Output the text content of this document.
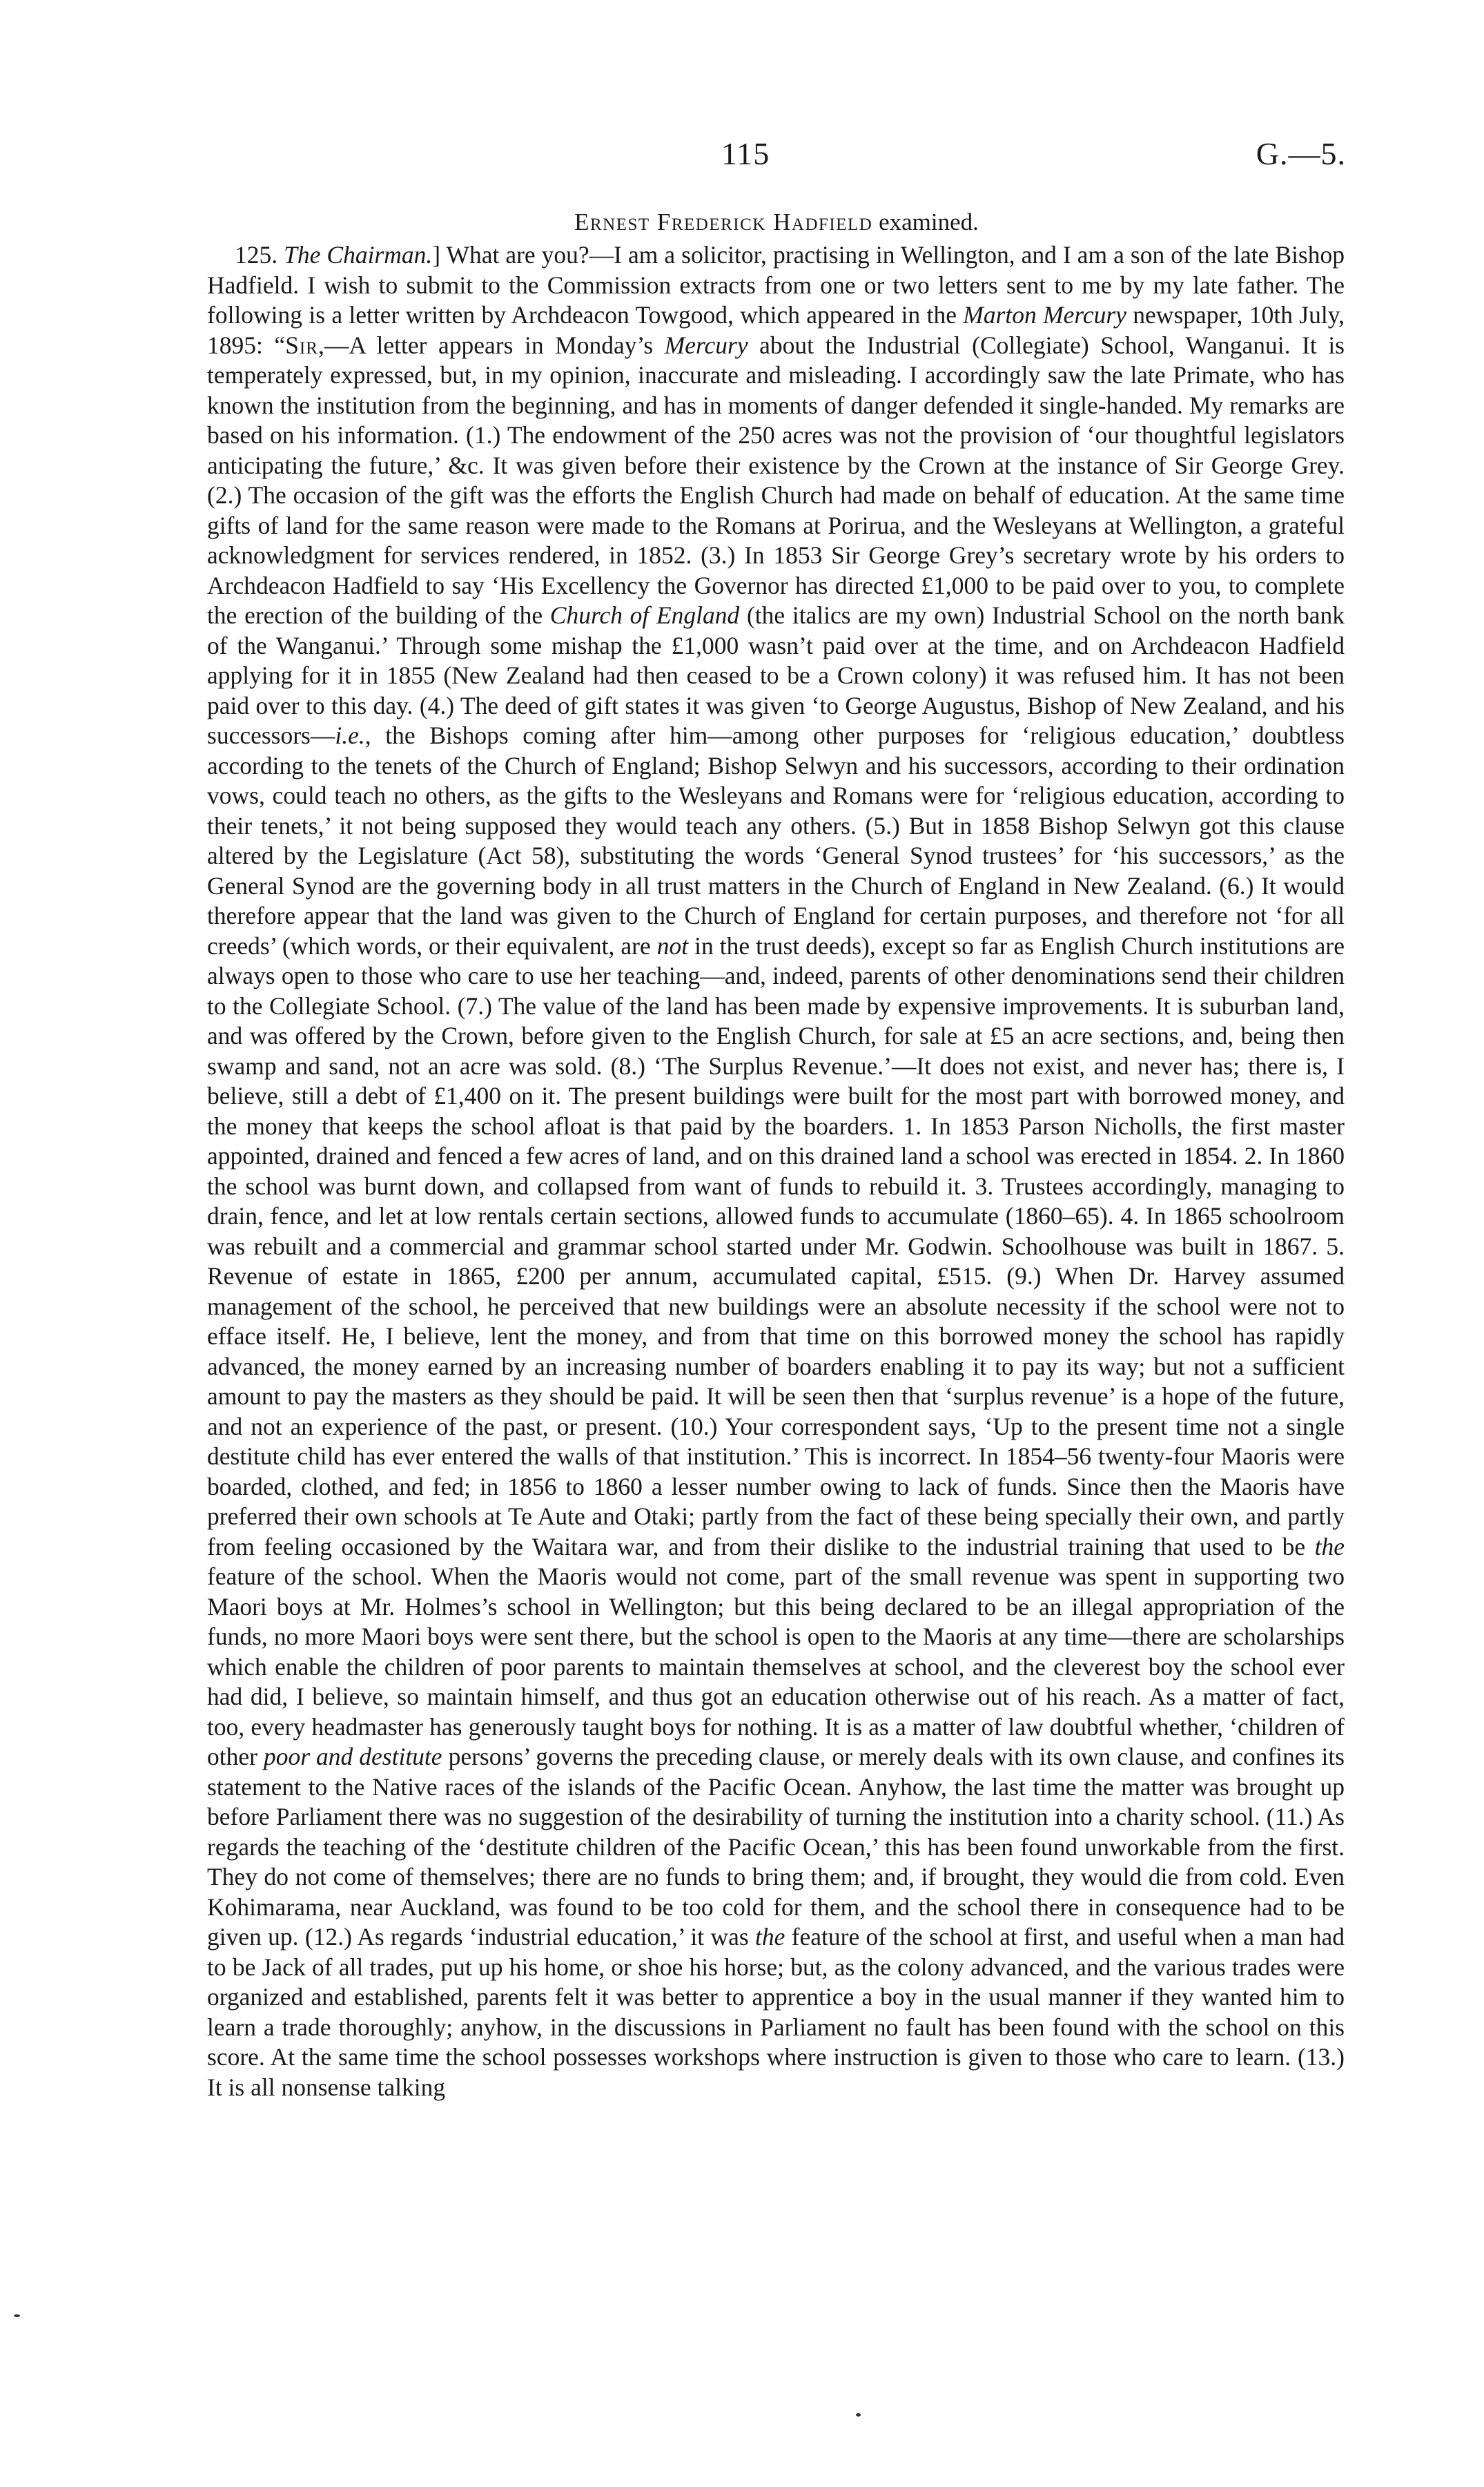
115	G.—5.
Ernest Frederick Hadfield examined.

125. The Chairman.] What are you?—I am a solicitor, practising in Wellington, and I am a son of the late Bishop Hadfield. I wish to submit to the Commission extracts from one or two letters sent to me by my late father. The following is a letter written by Archdeacon Towgood, which appeared in the Marton Mercury newspaper, 10th July, 1895: “Sir,—A letter appears in Monday’s Mercury about the Industrial (Collegiate) School, Wanganui. It is temperately expressed, but, in my opinion, inaccurate and misleading. I accordingly saw the late Primate, who has known the institution from the beginning, and has in moments of danger defended it single-handed. My remarks are based on his information. (1.) The endowment of the 250 acres was not the provision of ‘our thoughtful legislators anticipating the future,’ &c. It was given before their existence by the Crown at the instance of Sir George Grey. (2.) The occasion of the gift was the efforts the English Church had made on behalf of education. At the same time gifts of land for the same reason were made to the Romans at Porirua, and the Wesleyans at Wellington, a grateful acknowledgment for services rendered, in 1852. (3.) In 1853 Sir George Grey’s secretary wrote by his orders to Archdeacon Hadfield to say ‘His Excellency the Governor has directed £1,000 to be paid over to you, to complete the erection of the building of the Church of England (the italics are my own) Industrial School on the north bank of the Wanganui.’ Through some mishap the £1,000 wasn’t paid over at the time, and on Archdeacon Hadfield applying for it in 1855 (New Zealand had then ceased to be a Crown colony) it was refused him. It has not been paid over to this day. (4.) The deed of gift states it was given ‘to George Augustus, Bishop of New Zealand, and his successors—i.e., the Bishops coming after him—among other purposes for ‘religious education,’ doubtless according to the tenets of the Church of England; Bishop Selwyn and his successors, according to their ordination vows, could teach no others, as the gifts to the Wesleyans and Romans were for ‘religious education, according to their tenets,’ it not being supposed they would teach any others. (5.) But in 1858 Bishop Selwyn got this clause altered by the Legislature (Act 58), substituting the words ‘General Synod trustees’ for ‘his successors,’ as the General Synod are the governing body in all trust matters in the Church of England in New Zealand. (6.) It would therefore appear that the land was given to the Church of England for certain purposes, and therefore not ‘for all creeds’ (which words, or their equivalent, are not in the trust deeds), except so far as English Church institutions are always open to those who care to use her teaching—and, indeed, parents of other denominations send their children to the Collegiate School. (7.) The value of the land has been made by expensive improvements. It is suburban land, and was offered by the Crown, before given to the English Church, for sale at £5 an acre sections, and, being then swamp and sand, not an acre was sold. (8.) ‘The Surplus Revenue.’—It does not exist, and never has; there is, I believe, still a debt of £1,400 on it. The present buildings were built for the most part with borrowed money, and the money that keeps the school afloat is that paid by the boarders. 1. In 1853 Parson Nicholls, the first master appointed, drained and fenced a few acres of land, and on this drained land a school was erected in 1854. 2. In 1860 the school was burnt down, and collapsed from want of funds to rebuild it. 3. Trustees accordingly, managing to drain, fence, and let at low rentals certain sections, allowed funds to accumulate (1860–65). 4. In 1865 schoolroom was rebuilt and a commercial and grammar school started under Mr. Godwin. Schoolhouse was built in 1867. 5. Revenue of estate in 1865, £200 per annum, accumulated capital, £515. (9.) When Dr. Harvey assumed management of the school, he perceived that new buildings were an absolute necessity if the school were not to efface itself. He, I believe, lent the money, and from that time on this borrowed money the school has rapidly advanced, the money earned by an increasing number of boarders enabling it to pay its way; but not a sufficient amount to pay the masters as they should be paid. It will be seen then that ‘surplus revenue’ is a hope of the future, and not an experience of the past, or present. (10.) Your correspondent says, ‘Up to the present time not a single destitute child has ever entered the walls of that institution.’ This is incorrect. In 1854–56 twenty-four Maoris were boarded, clothed, and fed; in 1856 to 1860 a lesser number owing to lack of funds. Since then the Maoris have preferred their own schools at Te Aute and Otaki; partly from the fact of these being specially their own, and partly from feeling occasioned by the Waitara war, and from their dislike to the industrial training that used to be the feature of the school. When the Maoris would not come, part of the small revenue was spent in supporting two Maori boys at Mr. Holmes’s school in Wellington; but this being declared to be an illegal appropriation of the funds, no more Maori boys were sent there, but the school is open to the Maoris at any time—there are scholarships which enable the children of poor parents to maintain themselves at school, and the cleverest boy the school ever had did, I believe, so maintain himself, and thus got an education otherwise out of his reach. As a matter of fact, too, every headmaster has generously taught boys for nothing. It is as a matter of law doubtful whether, ‘children of other poor and destitute persons’ governs the preceding clause, or merely deals with its own clause, and confines its statement to the Native races of the islands of the Pacific Ocean. Anyhow, the last time the matter was brought up before Parliament there was no suggestion of the desirability of turning the institution into a charity school. (11.) As regards the teaching of the ‘destitute children of the Pacific Ocean,’ this has been found unworkable from the first. They do not come of themselves; there are no funds to bring them; and, if brought, they would die from cold. Even Kohimarama, near Auckland, was found to be too cold for them, and the school there in consequence had to be given up. (12.) As regards ‘industrial education,’ it was the feature of the school at first, and useful when a man had to be Jack of all trades, put up his home, or shoe his horse; but, as the colony advanced, and the various trades were organized and established, parents felt it was better to apprentice a boy in the usual manner if they wanted him to learn a trade thoroughly; anyhow, in the discussions in Parliament no fault has been found with the school on this score. At the same time the school possesses workshops where instruction is given to those who care to learn. (13.) It is all nonsense talking
